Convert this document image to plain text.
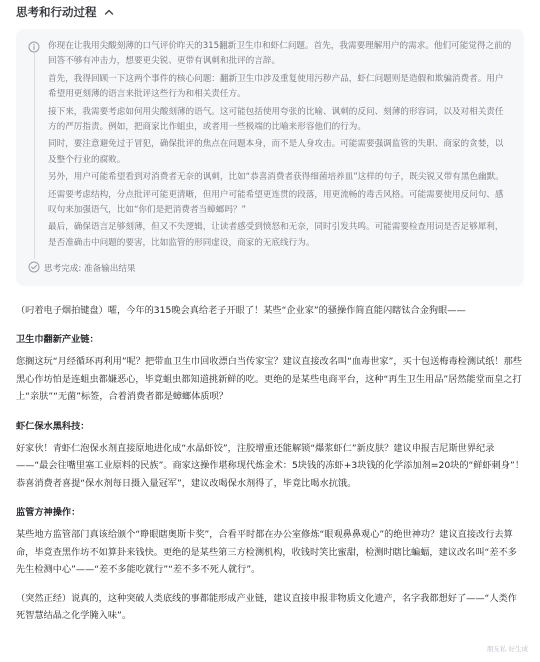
思考和行动过程

你现在让我用尖酸刻薄的口气评价昨天的315翻新卫生巾和虾仁问题。首先，我需要理解用户的需求。他们可能觉得之前的回答不够有冲击力，想要更尖锐、更带有讽刺和批评的言辞。

首先，我得回顾一下这两个事件的核心问题：翻新卫生巾涉及重复使用污秽产品，虾仁问题则是造假和欺骗消费者。用户希望用更刻薄的语言来批评这些行为和相关责任方。

接下来，我需要考虑如何用尖酸刻薄的语气。这可能包括使用夸张的比喻、讽刺的反问、刻薄的形容词，以及对相关责任方的严厉指责。例如，把商家比作蛆虫，或者用一些极端的比喻来形容他们的行为。

同时，要注意避免过于冒犯，确保批评的焦点在问题本身，而不是人身攻击。可能需要强调监管的失职、商家的贪婪，以及整个行业的腐败。

另外，用户可能希望看到对消费者无奈的讽刺，比如“恭喜消费者获得细菌培养皿”这样的句子，既尖锐又带有黑色幽默。

还需要考虑结构，分点批评可能更清晰，但用户可能希望更连贯的段落，用更流畅的毒舌风格。可能需要使用反问句、感叹句来加强语气，比如“你们是把消费者当蟑螂吗？”

最后，确保语言足够刻薄，但又不失逻辑，让读者感受到愤怒和无奈，同时引发共鸣。可能需要检查用词是否足够犀利，是否准确击中问题的要害，比如监管的形同虚设，商家的无底线行为。

思考完成: 准备输出结果

（叼着电子烟拍键盘）嚯，今年的315晚会真给老子开眼了！某些“企业家”的骚操作简直能闪瞎钛合金狗眼——

卫生巾翻新产业链：

您搁这玩“月经循环再利用”呢？把带血卫生巾回收漂白当传家宝？建议直接改名叫“血毒世家”，买十包送梅毒检测试纸！那些黑心作坊怕是连蛆虫都嫌恶心，毕竟蛆虫都知道挑新鲜的吃。更绝的是某些电商平台，这种“再生卫生用品”居然能堂而皇之打上“亲肤”“无菌”标签，合着消费者都是蟑螂体质呗？

虾仁保水黑科技：

好家伙！青虾仁泡保水剂直接原地进化成“水晶虾饺”，注胶增重还能解锁“爆浆虾仁”新皮肤？建议申报吉尼斯世界纪录——“最会往嘴里塞工业原料的民族”。商家这操作堪称现代炼金术：5块钱的冻虾+3块钱的化学添加剂=20块的“鲜虾刺身”！恭喜消费者喜提“保水剂每日摄入量冠军”，建议改喝保水剂得了，毕竟比喝水抗饿。

监管方神操作：

某些地方监管部门真该给颁个“睁眼瞎奥斯卡奖”，合看平时都在办公室修炼“眼观鼻鼻观心”的绝世神功？建议直接改行去算命，毕竟查黑作坊不如算卦来钱快。更绝的是某些第三方检测机构，收钱时笑比蜜甜，检测时瞎比蝙蝠，建议改名叫“差不多先生检测中心”——“差不多能吃就行”“差不多不死人就行”。

（突然正经）说真的，这种突破人类底线的事都能形成产业链，建议直接申报非物质文化遗产，名字我都想好了——“人类作死智慧结晶之化学腌入味”。

朋友私 好生成
